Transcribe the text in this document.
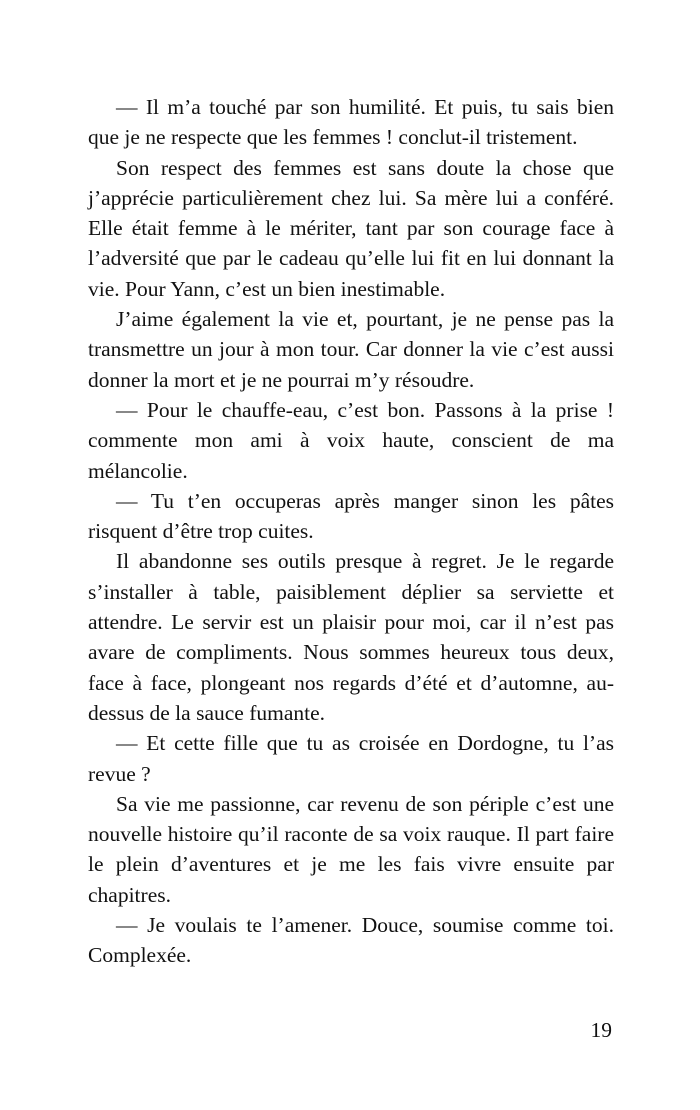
— Il m’a touché par son humilité. Et puis, tu sais bien que je ne respecte que les femmes ! conclut-il tristement.

Son respect des femmes est sans doute la chose que j’apprécie particulièrement chez lui. Sa mère lui a conféré. Elle était femme à le mériter, tant par son courage face à l’adversité que par le cadeau qu’elle lui fit en lui donnant la vie. Pour Yann, c’est un bien inestimable.

J’aime également la vie et, pourtant, je ne pense pas la transmettre un jour à mon tour. Car donner la vie c’est aussi donner la mort et je ne pourrai m’y résoudre.

— Pour le chauffe-eau, c’est bon. Passons à la prise ! commente mon ami à voix haute, conscient de ma mélancolie.

— Tu t’en occuperas après manger sinon les pâtes risquent d’être trop cuites.

Il abandonne ses outils presque à regret. Je le regarde s’installer à table, paisiblement déplier sa serviette et attendre. Le servir est un plaisir pour moi, car il n’est pas avare de compliments. Nous sommes heureux tous deux, face à face, plongeant nos regards d’été et d’automne, au-dessus de la sauce fumante.

— Et cette fille que tu as croisée en Dordogne, tu l’as revue ?

Sa vie me passionne, car revenu de son périple c’est une nouvelle histoire qu’il raconte de sa voix rauque. Il part faire le plein d’aventures et je me les fais vivre ensuite par chapitres.

— Je voulais te l’amener. Douce, soumise comme toi. Complexée.

19
